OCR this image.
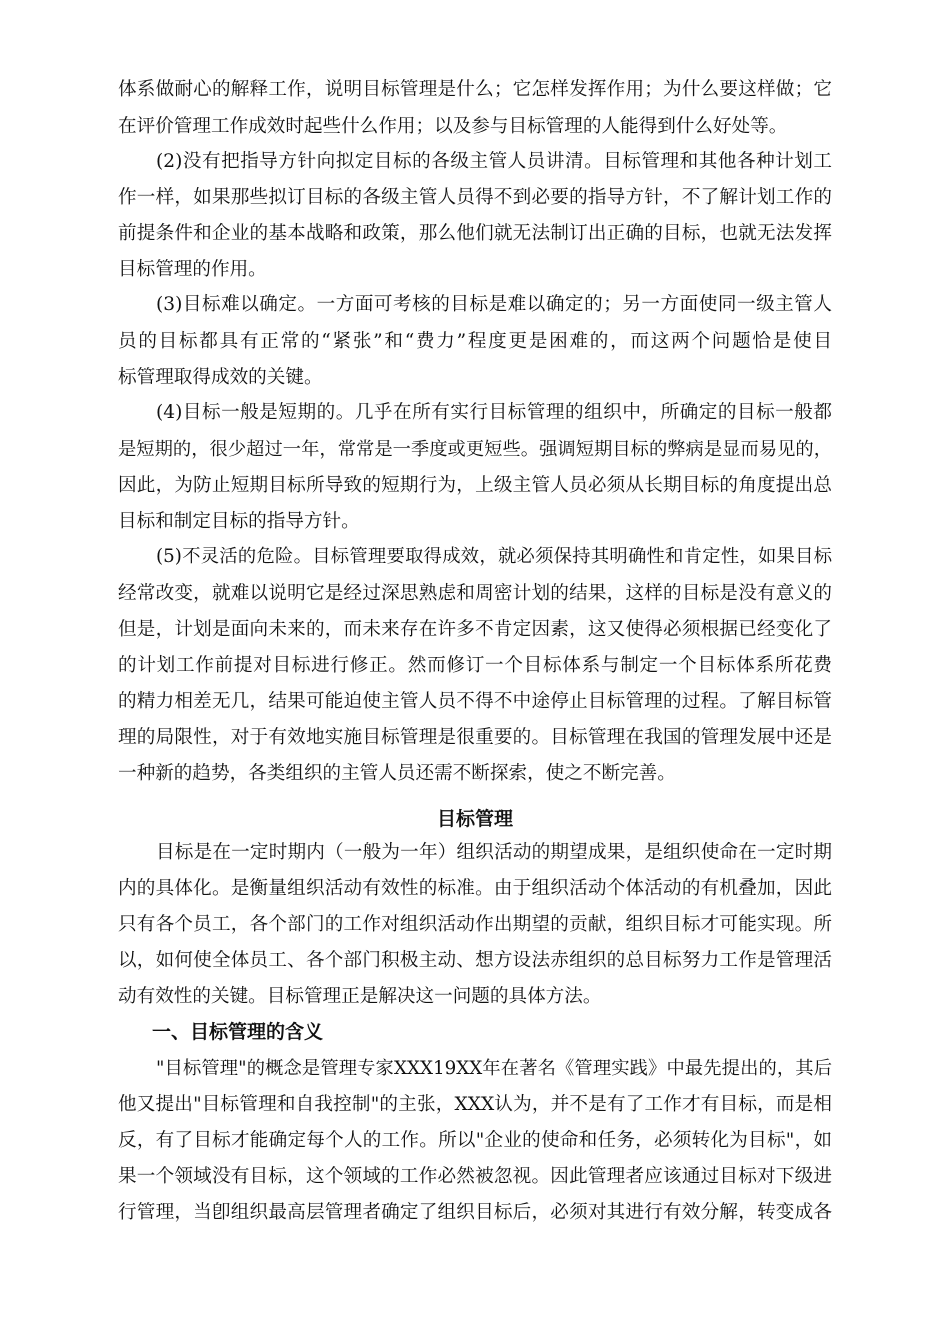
体系做耐心的解释工作，说明目标管理是什么；它怎样发挥作用；为什么要这样做；它
在评价管理工作成效时起些什么作用；以及参与目标管理的人能得到什么好处等。
(2)没有把指导方针向拟定目标的各级主管人员讲清。目标管理和其他各种计划工
作一样，如果那些拟订目标的各级主管人员得不到必要的指导方针，不了解计划工作的
前提条件和企业的基本战略和政策，那么他们就无法制订出正确的目标，也就无法发挥
目标管理的作用。
(3)目标难以确定。一方面可考核的目标是难以确定的；另一方面使同一级主管人
员的目标都具有正常的“紧张”和“费力”程度更是困难的，而这两个问题恰是使目
标管理取得成效的关键。
(4)目标一般是短期的。几乎在所有实行目标管理的组织中，所确定的目标一般都
是短期的，很少超过一年，常常是一季度或更短些。强调短期目标的弊病是显而易见的，
因此，为防止短期目标所导致的短期行为，上级主管人员必须从长期目标的角度提出总
目标和制定目标的指导方针。
(5)不灵活的危险。目标管理要取得成效，就必须保持其明确性和肯定性，如果目标
经常改变，就难以说明它是经过深思熟虑和周密计划的结果，这样的目标是没有意义的
但是，计划是面向未来的，而未来存在许多不肯定因素，这又使得必须根据已经变化了
的计划工作前提对目标进行修正。然而修订一个目标体系与制定一个目标体系所花费
的精力相差无几，结果可能迫使主管人员不得不中途停止目标管理的过程。了解目标管
理的局限性，对于有效地实施目标管理是很重要的。目标管理在我国的管理发展中还是
一种新的趋势，各类组织的主管人员还需不断探索，使之不断完善。
目标管理
目标是在一定时期内（一般为一年）组织活动的期望成果，是组织使命在一定时期
内的具体化。是衡量组织活动有效性的标准。由于组织活动个体活动的有机叠加，因此
只有各个员工，各个部门的工作对组织活动作出期望的贡献，组织目标才可能实现。所
以，如何使全体员工、各个部门积极主动、想方设法赤组织的总目标努力工作是管理活
动有效性的关键。目标管理正是解决这一问题的具体方法。
一、目标管理的含义
"目标管理"的概念是管理专家XXX19XX年在著名《管理实践》中最先提出的，其后
他又提出"目标管理和自我控制"的主张，XXX认为，并不是有了工作才有目标，而是相
反，有了目标才能确定每个人的工作。所以"企业的使命和任务，必须转化为目标"，如
果一个领域没有目标，这个领域的工作必然被忽视。因此管理者应该通过目标对下级进
行管理，当卽组织最高层管理者确定了组织目标后，必须对其进行有效分解，转变成各
